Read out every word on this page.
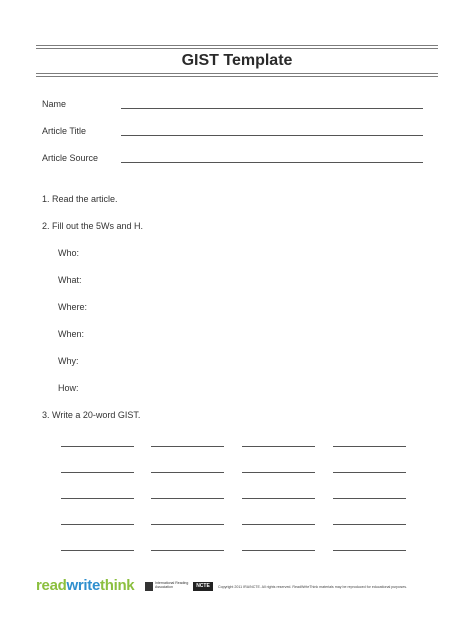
GIST Template
Name
Article Title
Article Source
1. Read the article.
2. Fill out the 5Ws and H.
Who:
What:
Where:
When:
Why:
How:
3. Write a 20-word GIST.
readwritethink	International Reading Association	NCTE	Copyright 2011 IRA/NCTE. All rights reserved. ReadWriteThink materials may be reproduced for educational purposes.
